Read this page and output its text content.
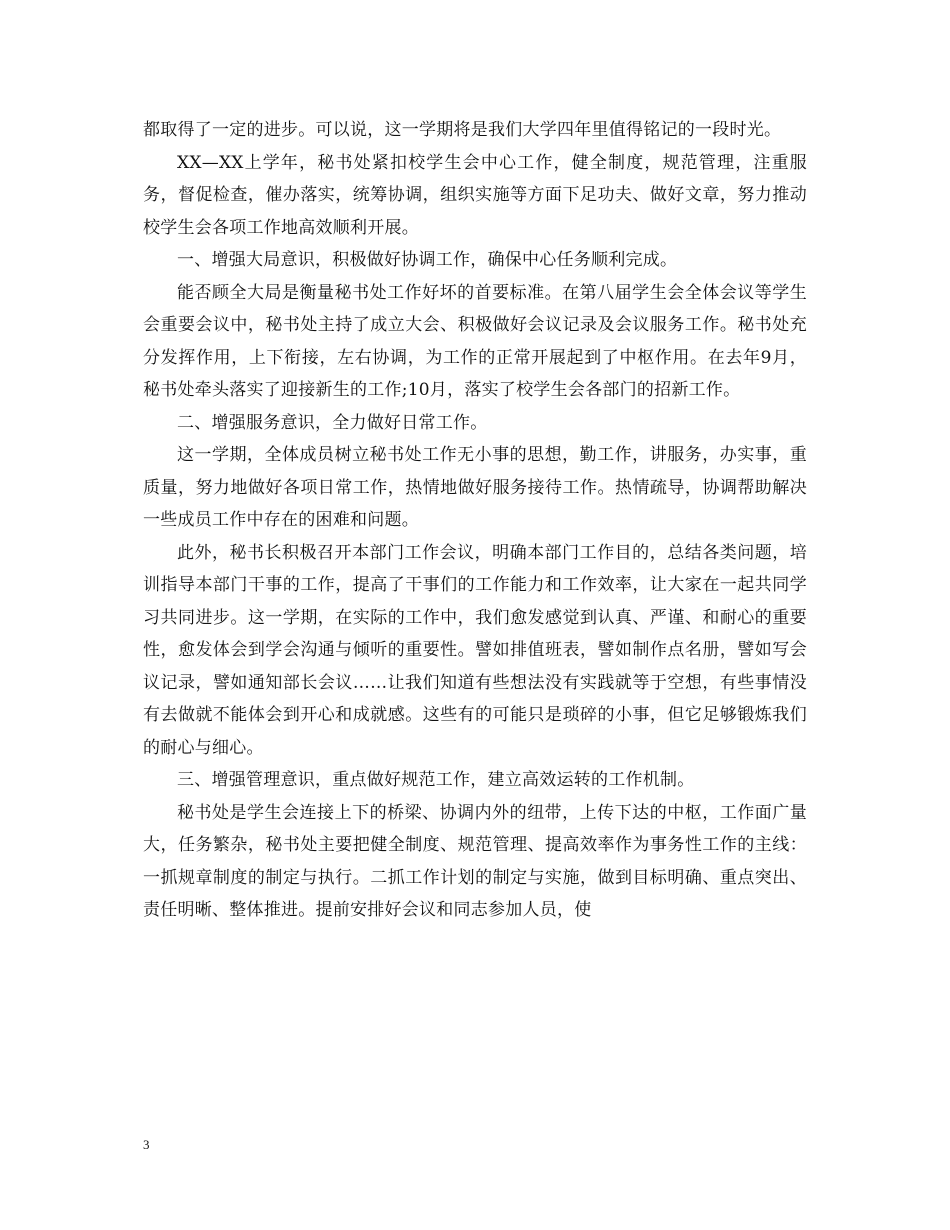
都取得了一定的进步。可以说，这一学期将是我们大学四年里值得铭记的一段时光。

XX—XX上学年，秘书处紧扣校学生会中心工作，健全制度，规范管理，注重服务，督促检查，催办落实，统筹协调，组织实施等方面下足功夫、做好文章，努力推动校学生会各项工作地高效顺利开展。

一、增强大局意识，积极做好协调工作，确保中心任务顺利完成。

能否顾全大局是衡量秘书处工作好坏的首要标准。在第八届学生会全体会议等学生会重要会议中，秘书处主持了成立大会、积极做好会议记录及会议服务工作。秘书处充分发挥作用，上下衔接，左右协调，为工作的正常开展起到了中枢作用。在去年9月，秘书处牵头落实了迎接新生的工作;10月，落实了校学生会各部门的招新工作。

二、增强服务意识，全力做好日常工作。

这一学期，全体成员树立秘书处工作无小事的思想，勤工作，讲服务，办实事，重质量，努力地做好各项日常工作，热情地做好服务接待工作。热情疏导，协调帮助解决一些成员工作中存在的困难和问题。

此外，秘书长积极召开本部门工作会议，明确本部门工作目的，总结各类问题，培训指导本部门干事的工作，提高了干事们的工作能力和工作效率，让大家在一起共同学习共同进步。这一学期，在实际的工作中，我们愈发感觉到认真、严谨、和耐心的重要性，愈发体会到学会沟通与倾听的重要性。譬如排值班表，譬如制作点名册，譬如写会议记录，譬如通知部长会议……让我们知道有些想法没有实践就等于空想，有些事情没有去做就不能体会到开心和成就感。这些有的可能只是琐碎的小事，但它足够锻炼我们的耐心与细心。

三、增强管理意识，重点做好规范工作，建立高效运转的工作机制。

秘书处是学生会连接上下的桥梁、协调内外的纽带，上传下达的中枢，工作面广量大，任务繁杂，秘书处主要把健全制度、规范管理、提高效率作为事务性工作的主线：一抓规章制度的制定与执行。二抓工作计划的制定与实施，做到目标明确、重点突出、责任明晰、整体推进。提前安排好会议和同志参加人员，使

3
